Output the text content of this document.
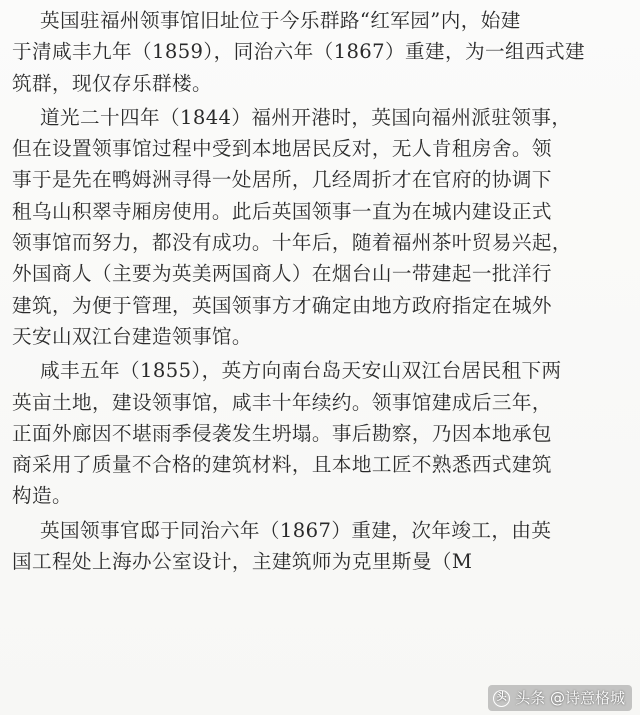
英国驻福州领事馆旧址位于今乐群路“红军园”内，始建
于清咸丰九年（1859），同治六年（1867）重建，为一组西式建
筑群，现仅存乐群楼。
道光二十四年（1844）福州开港时，英国向福州派驻领事，
但在设置领事馆过程中受到本地居民反对，无人肯租房舍。领
事于是先在鸭姆洲寻得一处居所，几经周折才在官府的协调下
租乌山积翠寺厢房使用。此后英国领事一直为在城内建设正式
领事馆而努力，都没有成功。十年后，随着福州茶叶贸易兴起，
外国商人（主要为英美两国商人）在烟台山一带建起一批洋行
建筑，为便于管理，英国领事方才确定由地方政府指定在城外
天安山双江台建造领事馆。
咸丰五年（1855），英方向南台岛天安山双江台居民租下两
英亩土地，建设领事馆，咸丰十年续约。领事馆建成后三年，
正面外廊因不堪雨季侵袭发生坍塌。事后勘察，乃因本地承包
商采用了质量不合格的建筑材料，且本地工匠不熟悉西式建筑
构造。
英国领事官邸于同治六年（1867）重建，次年竣工，由英
国工程处上海办公室设计，主建筑师为克里斯曼（M
头 头条 @诗意格城
